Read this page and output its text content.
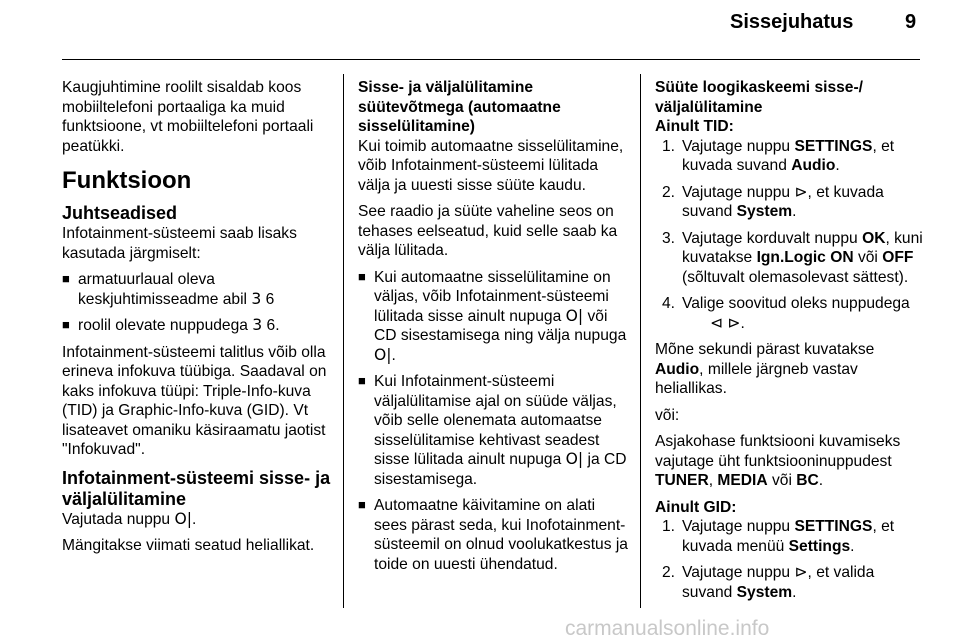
Sissejuhatus	9

Kaugjuhtimine roolilt sisaldab koos mobiiltelefoni portaaliga ka muid funktsioone, vt mobiiltelefoni portaali peatükki.

Funktsioon
Juhtseadised

Infotainment-süsteemi saab lisaks kasutada järgmiselt:

■ armatuurlaual oleva keskjuhtimisseadme abil 3 6
■ roolil olevate nuppudega 3 6.

Infotainment-süsteemi talitlus võib olla erineva infokuva tüübiga. Saadaval on kaks infokuva tüüpi: Triple-Info-kuva (TID) ja Graphic-Info-kuva (GID). Vt lisateavet omaniku käsiraamatu jaotist "Infokuvad".

Infotainment-süsteemi sisse- ja väljalülitamine

Vajutada nuppu O|.

Mängitakse viimati seatud heliallikat.

Sisse- ja väljalülitamine
süütevõtmega (automaatne
sisselülitamine)

Kui toimib automaatne sisselülitamine, võib Infotainment-süsteemi lülitada välja ja uuesti sisse süüte kaudu.

See raadio ja süüte vaheline seos on tehases eelseatud, kuid selle saab ka välja lülitada.

■ Kui automaatne sisselülitamine on väljas, võib Infotainment-süsteemi lülitada sisse ainult nupuga O| või CD sisestamisega ning välja nupuga O|.
■ Kui Infotainment-süsteemi väljalülitamise ajal on süüde väljas, võib selle olenemata automaatse sisselülitamise kehtivast seadest sisse lülitada ainult nupuga O| ja CD sisestamisega.
■ Automaatne käivitamine on alati sees pärast seda, kui Inofotainment-süsteemil on olnud voolukatkestus ja toide on uuesti ühendatud.
Süüte loogikaskeemi sisse-/
väljalülitamine
Ainult TID:
1. Vajutage nuppu SETTINGS, et kuvada suvand Audio.
2. Vajutage nuppu ⊳, et kuvada suvand System.
3. Vajutage korduvalt nuppu OK, kuni kuvatakse Ign.Logic ON või OFF (sõltuvalt olemasolevast sättest).
4. Valige soovitud oleks nuppudega
⊲ ⊳.

Mõne sekundi pärast kuvatakse Audio, millele järgneb vastav heliallikas.

või:

Asjakohase funktsiooni kuvamiseks vajutage üht funktsiooninuppudest TUNER, MEDIA või BC.

Ainult GID:
1. Vajutage nuppu SETTINGS, et kuvada menüü Settings.
2. Vajutage nuppu ⊳, et valida suvand System.
carmanualsonline.info
